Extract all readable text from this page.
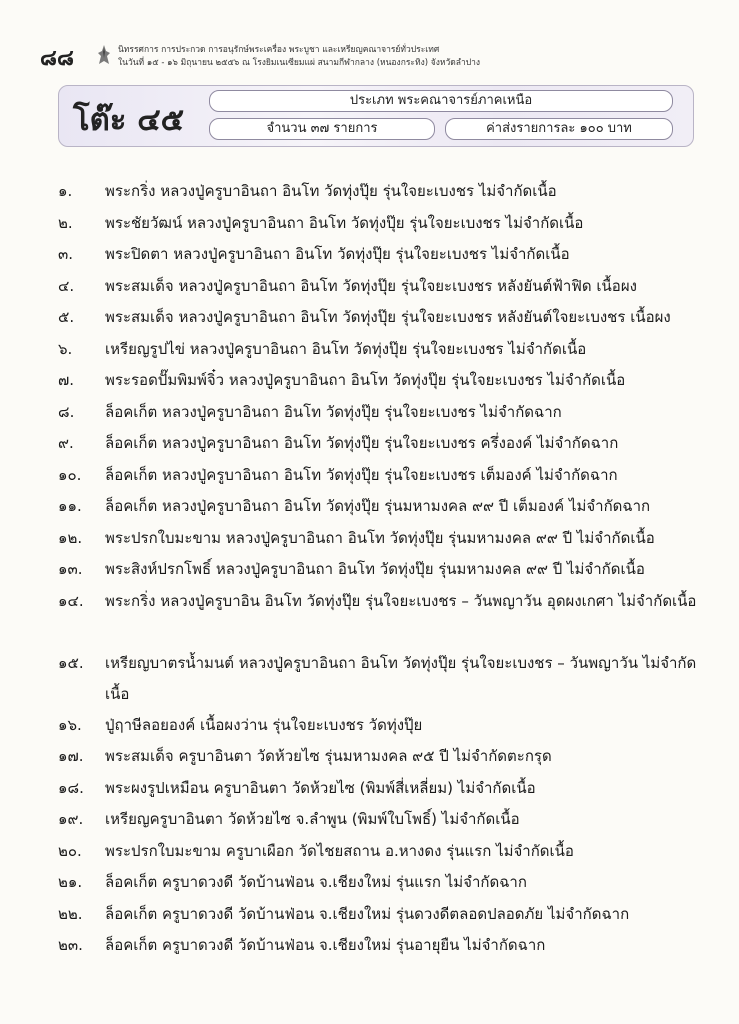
๘๘	นิทรรศการ การประกวด การอนุรักษ์พระเครื่อง พระบูชา และเหรียญคณาจารย์ทั่วประเทศ
ในวันที่ ๑๕ - ๑๖ มิถุนายน ๒๕๕๖ ณ โรงยิมเนเซียมแผ่ สนามกีฬากลาง (หนองกระทิง) จังหวัดลำปาง
โต๊ะ ๔๕
ประเภท พระคณาจารย์ภาคเหนือ
จำนวน ๓๗ รายการ	ค่าส่งรายการละ ๑๐๐ บาท
๑.	พระกริ่ง หลวงปู่ครูบาอินถา อินโท วัดทุ่งปุ๊ย รุ่นใจยะเบงชร ไม่จำกัดเนื้อ
๒.	พระชัยวัฒน์ หลวงปู่ครูบาอินถา อินโท วัดทุ่งปุ๊ย รุ่นใจยะเบงชร ไม่จำกัดเนื้อ
๓.	พระปิดตา หลวงปู่ครูบาอินถา อินโท วัดทุ่งปุ๊ย รุ่นใจยะเบงชร ไม่จำกัดเนื้อ
๔.	พระสมเด็จ หลวงปู่ครูบาอินถา อินโท วัดทุ่งปุ๊ย รุ่นใจยะเบงชร หลังยันต์ฟ้าฟิด เนื้อผง
๕.	พระสมเด็จ หลวงปู่ครูบาอินถา อินโท วัดทุ่งปุ๊ย รุ่นใจยะเบงชร หลังยันต์ใจยะเบงชร เนื้อผง
๖.	เหรียญรูปไข่ หลวงปู่ครูบาอินถา อินโท วัดทุ่งปุ๊ย รุ่นใจยะเบงชร ไม่จำกัดเนื้อ
๗.	พระรอดปั๊มพิมพ์จิ๋ว หลวงปู่ครูบาอินถา อินโท วัดทุ่งปุ๊ย รุ่นใจยะเบงชร ไม่จำกัดเนื้อ
๘.	ล็อคเก็ต หลวงปู่ครูบาอินถา อินโท วัดทุ่งปุ๊ย รุ่นใจยะเบงชร ไม่จำกัดฉาก
๙.	ล็อคเก็ต หลวงปู่ครูบาอินถา อินโท วัดทุ่งปุ๊ย รุ่นใจยะเบงชร ครึ่งองค์ ไม่จำกัดฉาก
๑๐.	ล็อคเก็ต หลวงปู่ครูบาอินถา อินโท วัดทุ่งปุ๊ย รุ่นใจยะเบงชร เต็มองค์ ไม่จำกัดฉาก
๑๑.	ล็อคเก็ต หลวงปู่ครูบาอินถา อินโท วัดทุ่งปุ๊ย รุ่นมหามงคล ๙๙ ปี เต็มองค์ ไม่จำกัดฉาก
๑๒.	พระปรกใบมะขาม หลวงปู่ครูบาอินถา อินโท วัดทุ่งปุ๊ย รุ่นมหามงคล ๙๙ ปี ไม่จำกัดเนื้อ
๑๓.	พระสิงห์ปรกโพธิ์ หลวงปู่ครูบาอินถา อินโท วัดทุ่งปุ๊ย รุ่นมหามงคล ๙๙ ปี ไม่จำกัดเนื้อ
๑๔.	พระกริ่ง หลวงปู่ครูบาอิน อินโท วัดทุ่งปุ๊ย รุ่นใจยะเบงชร – วันพญาวัน อุดผงเกศา ไม่จำกัดเนื้อ
๑๕.	เหรียญบาตรน้ำมนต์ หลวงปู่ครูบาอินถา อินโท วัดทุ่งปุ๊ย รุ่นใจยะเบงชร – วันพญาวัน ไม่จำกัดเนื้อ
๑๖.	ปู่ฤาษีลอยองค์ เนื้อผงว่าน รุ่นใจยะเบงชร วัดทุ่งปุ๊ย
๑๗.	พระสมเด็จ ครูบาอินตา วัดห้วยไซ รุ่นมหามงคล ๙๕ ปี ไม่จำกัดตะกรุด
๑๘.	พระผงรูปเหมือน ครูบาอินตา วัดห้วยไซ (พิมพ์สี่เหลี่ยม) ไม่จำกัดเนื้อ
๑๙.	เหรียญครูบาอินตา วัดห้วยไซ จ.ลำพูน (พิมพ์ใบโพธิ์) ไม่จำกัดเนื้อ
๒๐.	พระปรกใบมะขาม ครูบาเผือก วัดไชยสถาน อ.หางดง รุ่นแรก ไม่จำกัดเนื้อ
๒๑.	ล็อคเก็ต ครูบาดวงดี วัดบ้านฟ่อน จ.เชียงใหม่ รุ่นแรก ไม่จำกัดฉาก
๒๒.	ล็อคเก็ต ครูบาดวงดี วัดบ้านฟ่อน จ.เชียงใหม่ รุ่นดวงดีตลอดปลอดภัย ไม่จำกัดฉาก
๒๓.	ล็อคเก็ต ครูบาดวงดี วัดบ้านฟ่อน จ.เชียงใหม่ รุ่นอายุยืน ไม่จำกัดฉาก
